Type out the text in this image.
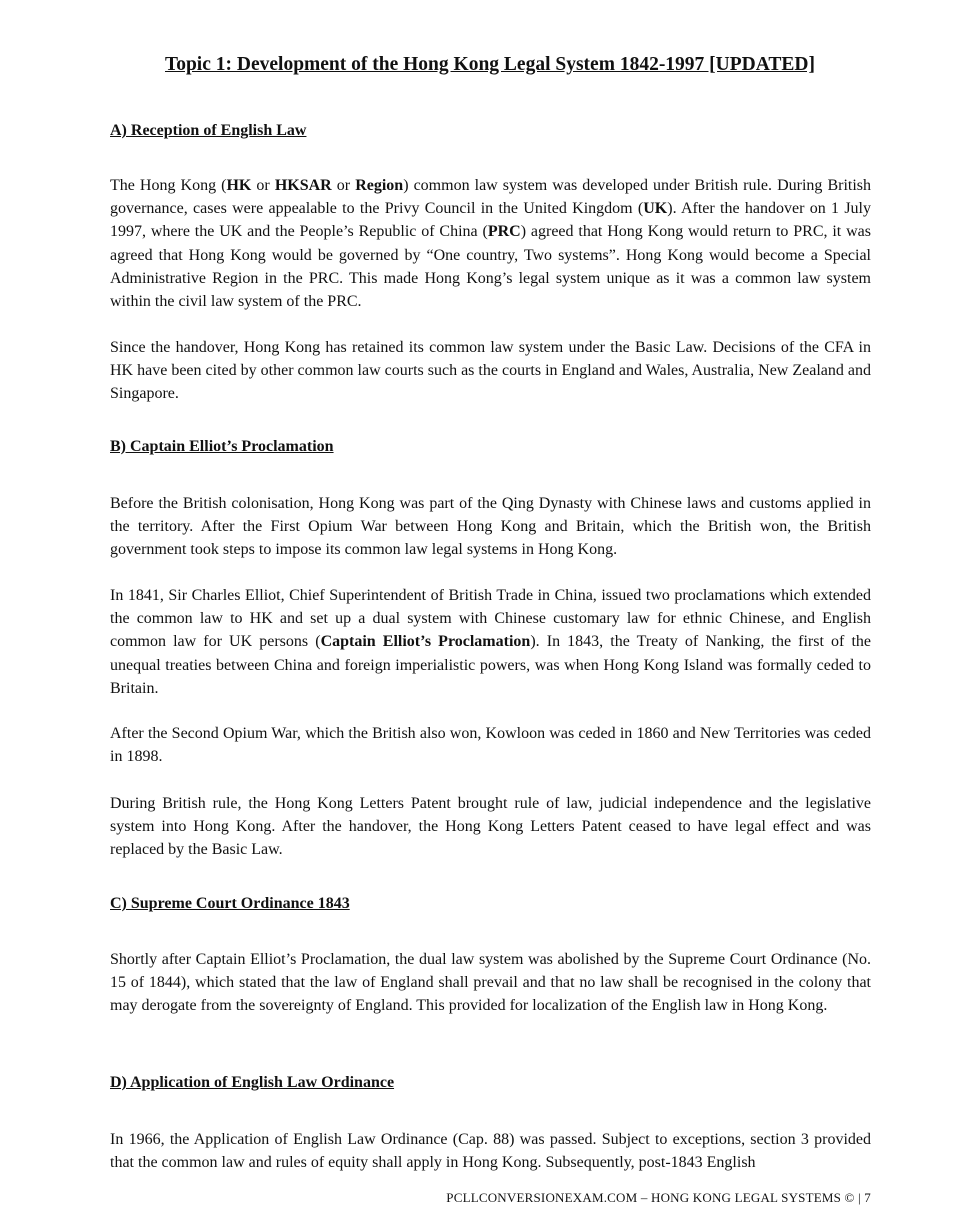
Topic 1: Development of the Hong Kong Legal System 1842-1997 [UPDATED]
A) Reception of English Law

The Hong Kong (HK or HKSAR or Region) common law system was developed under British rule. During British governance, cases were appealable to the Privy Council in the United Kingdom (UK). After the handover on 1 July 1997, where the UK and the People’s Republic of China (PRC) agreed that Hong Kong would return to PRC, it was agreed that Hong Kong would be governed by “One country, Two systems”. Hong Kong would become a Special Administrative Region in the PRC. This made Hong Kong’s legal system unique as it was a common law system within the civil law system of the PRC.

Since the handover, Hong Kong has retained its common law system under the Basic Law. Decisions of the CFA in HK have been cited by other common law courts such as the courts in England and Wales, Australia, New Zealand and Singapore.

B) Captain Elliot’s Proclamation

Before the British colonisation, Hong Kong was part of the Qing Dynasty with Chinese laws and customs applied in the territory. After the First Opium War between Hong Kong and Britain, which the British won, the British government took steps to impose its common law legal systems in Hong Kong.

In 1841, Sir Charles Elliot, Chief Superintendent of British Trade in China, issued two proclamations which extended the common law to HK and set up a dual system with Chinese customary law for ethnic Chinese, and English common law for UK persons (Captain Elliot’s Proclamation). In 1843, the Treaty of Nanking, the first of the unequal treaties between China and foreign imperialistic powers, was when Hong Kong Island was formally ceded to Britain.

After the Second Opium War, which the British also won, Kowloon was ceded in 1860 and New Territories was ceded in 1898.

During British rule, the Hong Kong Letters Patent brought rule of law, judicial independence and the legislative system into Hong Kong. After the handover, the Hong Kong Letters Patent ceased to have legal effect and was replaced by the Basic Law.

C) Supreme Court Ordinance 1843

Shortly after Captain Elliot’s Proclamation, the dual law system was abolished by the Supreme Court Ordinance (No. 15 of 1844), which stated that the law of England shall prevail and that no law shall be recognised in the colony that may derogate from the sovereignty of England. This provided for localization of the English law in Hong Kong.

D) Application of English Law Ordinance

In 1966, the Application of English Law Ordinance (Cap. 88) was passed. Subject to exceptions, section 3 provided that the common law and rules of equity shall apply in Hong Kong. Subsequently, post-1843 English

PCLLCONVERSIONEXAM.COM – HONG KONG LEGAL SYSTEMS © | 7
